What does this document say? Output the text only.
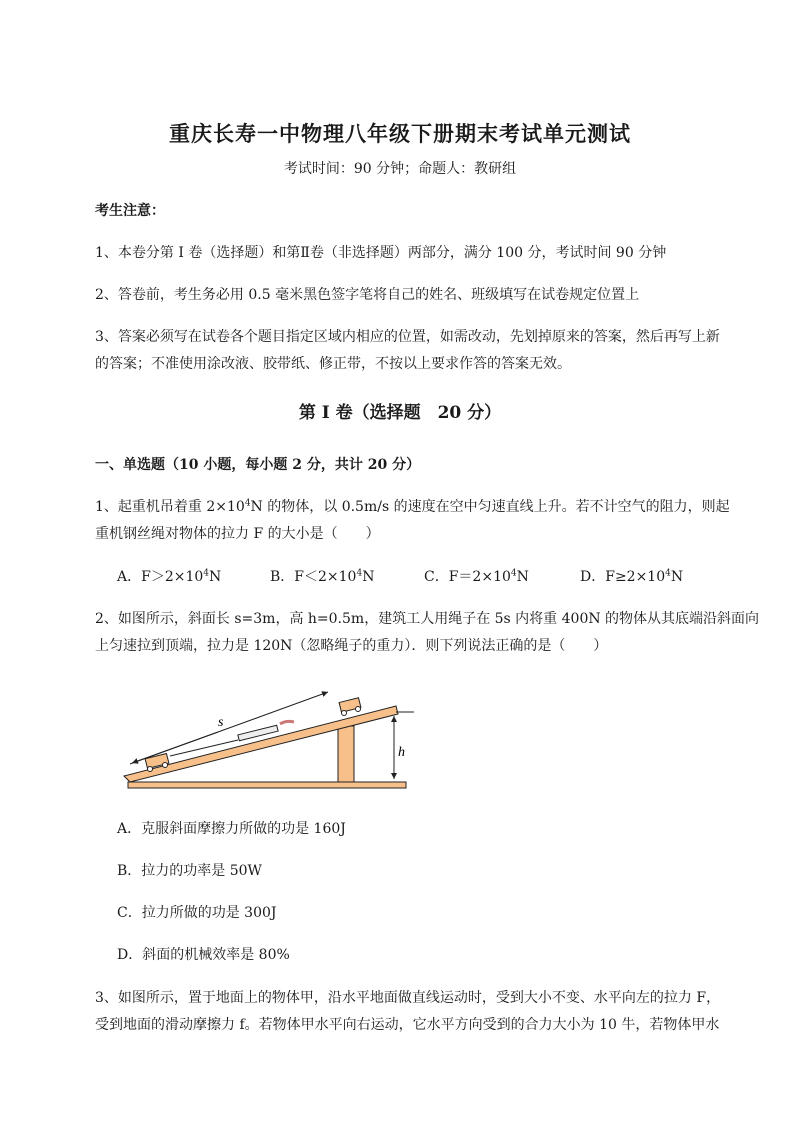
重庆长寿一中物理八年级下册期末考试单元测试
考试时间：90 分钟；命题人：教研组
考生注意：
1、本卷分第 I 卷（选择题）和第Ⅱ卷（非选择题）两部分，满分 100 分，考试时间 90 分钟
2、答卷前，考生务必用 0.5 毫米黑色签字笔将自己的姓名、班级填写在试卷规定位置上
3、答案必须写在试卷各个题目指定区域内相应的位置，如需改动，先划掉原来的答案，然后再写上新
的答案；不准使用涂改液、胶带纸、修正带，不按以上要求作答的答案无效。
第 I 卷（选择题　20 分）
一、单选题（10 小题，每小题 2 分，共计 20 分）
1、起重机吊着重 $2\times 10^4N$ 的物体，以 0.5m/s 的速度在空中匀速直线上升。若不计空气的阻力，则起
重机钢丝绳对物体的拉力 F 的大小是（　　）
A．$F>2\times 10^4N$	B．$F<2\times 10^4N$	C．$F=2\times 10^4N$	D．$F\ge 2\times 10^4N$
2、如图所示，斜面长 s=3m，高 h=0.5m，建筑工人用绳子在 5s 内将重 400N 的物体从其底端沿斜面向
上匀速拉到顶端，拉力是 120N（忽略绳子的重力）．则下列说法正确的是（　　）
s
h
A．克服斜面摩擦力所做的功是 160J
B．拉力的功率是 50W
C．拉力所做的功是 300J
D．斜面的机械效率是 80%
3、如图所示，置于地面上的物体甲，沿水平地面做直线运动时，受到大小不变、水平向左的拉力 F，
受到地面的滑动摩擦力 f。若物体甲水平向右运动，它水平方向受到的合力大小为 10 牛，若物体甲水
